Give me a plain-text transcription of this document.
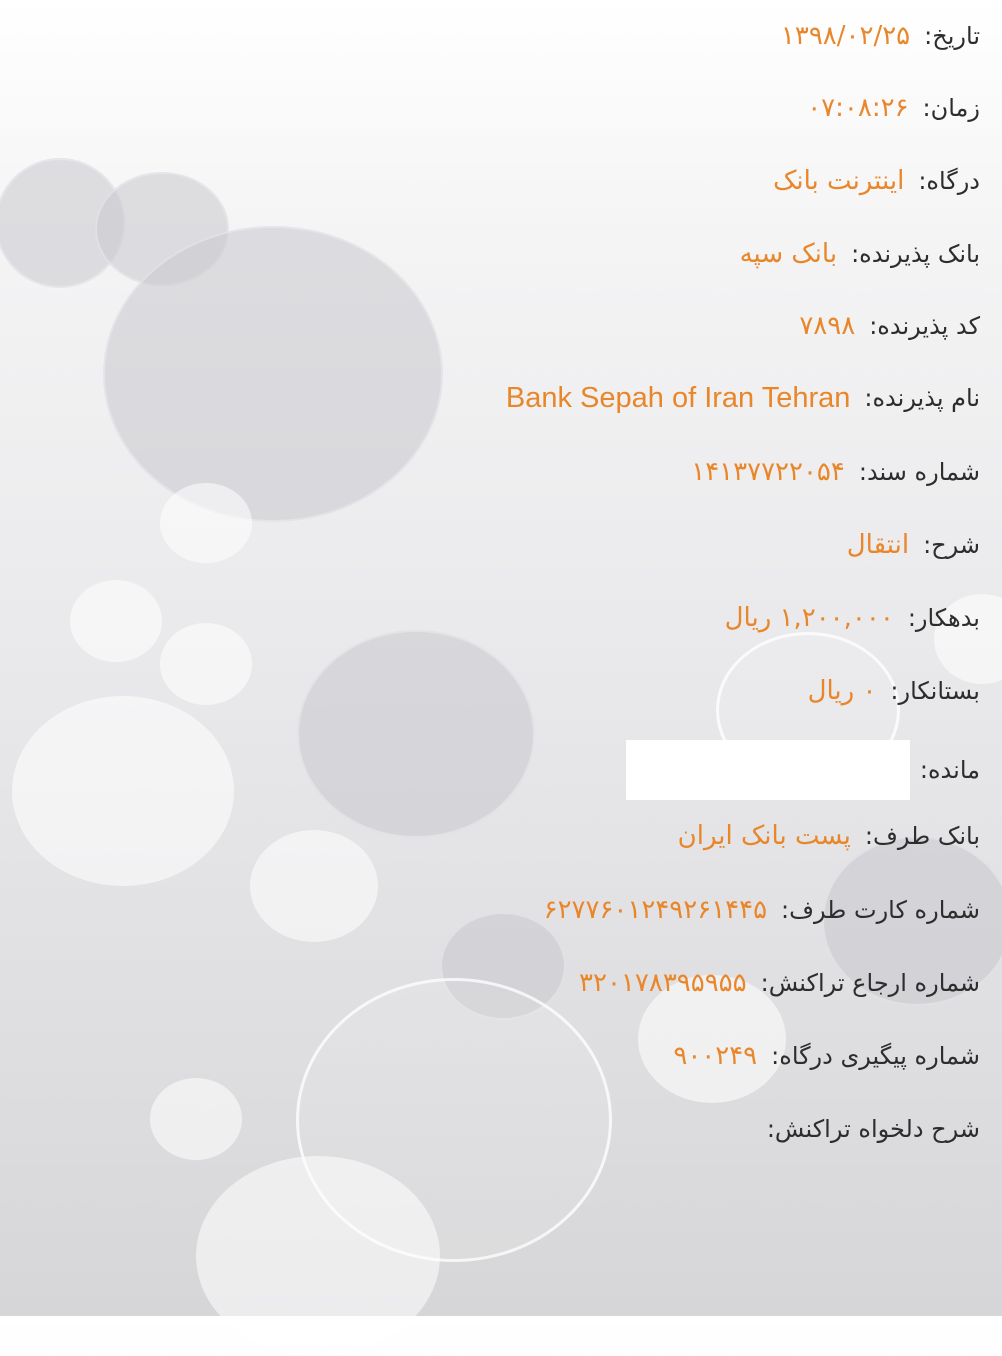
تاریخ:
۱۳۹۸/۰۲/۲۵
زمان:
۰۷:۰۸:۲۶
درگاه:
اینترنت بانک
بانک پذیرنده:
بانک سپه
کد پذیرنده:
۷۸۹۸
نام پذیرنده:
Bank Sepah of Iran Tehran
شماره سند:
۱۴۱۳۷۷۲۲۰۵۴
شرح:
انتقال
بدهکار:
۱,۲۰۰,۰۰۰ ریال
بستانکار:
۰ ریال
مانده:
بانک طرف:
پست بانک ایران
شماره کارت طرف:
۶۲۷۷۶۰۱۲۴۹۲۶۱۴۴۵
شماره ارجاع تراکنش:
۳۲۰۱۷۸۳۹۵۹۵۵
شماره پیگیری درگاه:
۹۰۰۲۴۹
شرح دلخواه تراکنش:
